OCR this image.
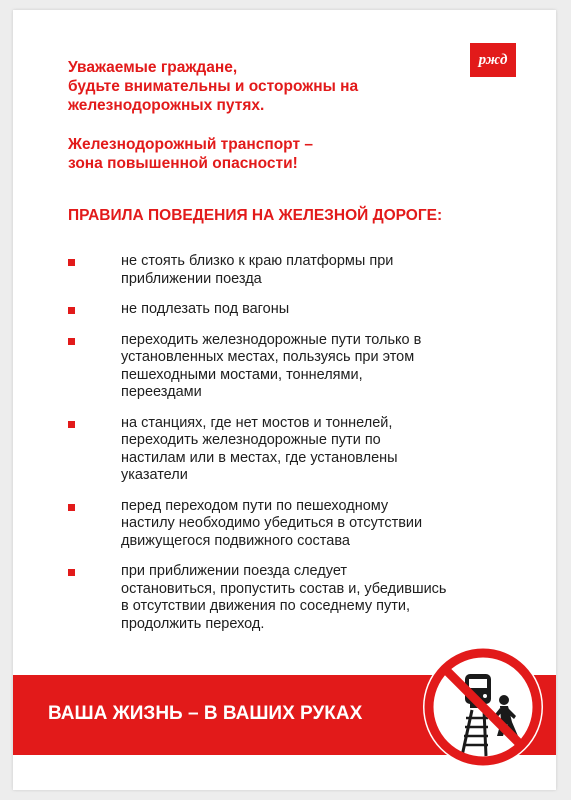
ржд
Уважаемые граждане,
будьте внимательны и осторожны на
железнодорожных путях.
Железнодорожный транспорт –
зона повышенной опасности!
ПРАВИЛА ПОВЕДЕНИЯ НА ЖЕЛЕЗНОЙ ДОРОГЕ:
не стоять близко к краю платформы при
приближении поезда
не подлезать под вагоны
переходить железнодорожные пути только в
установленных местах, пользуясь при этом
пешеходными мостами, тоннелями,
переездами
на станциях, где нет мостов и тоннелей,
переходить железнодорожные пути по
настилам или в местах, где установлены
указатели
перед переходом пути по пешеходному
настилу необходимо убедиться в отсутствии
движущегося подвижного состава
при приближении поезда следует
остановиться, пропустить состав и, убедившись
в отсутствии движения по соседнему пути,
продолжить переход.
ВАША ЖИЗНЬ – В ВАШИХ РУКАХ
